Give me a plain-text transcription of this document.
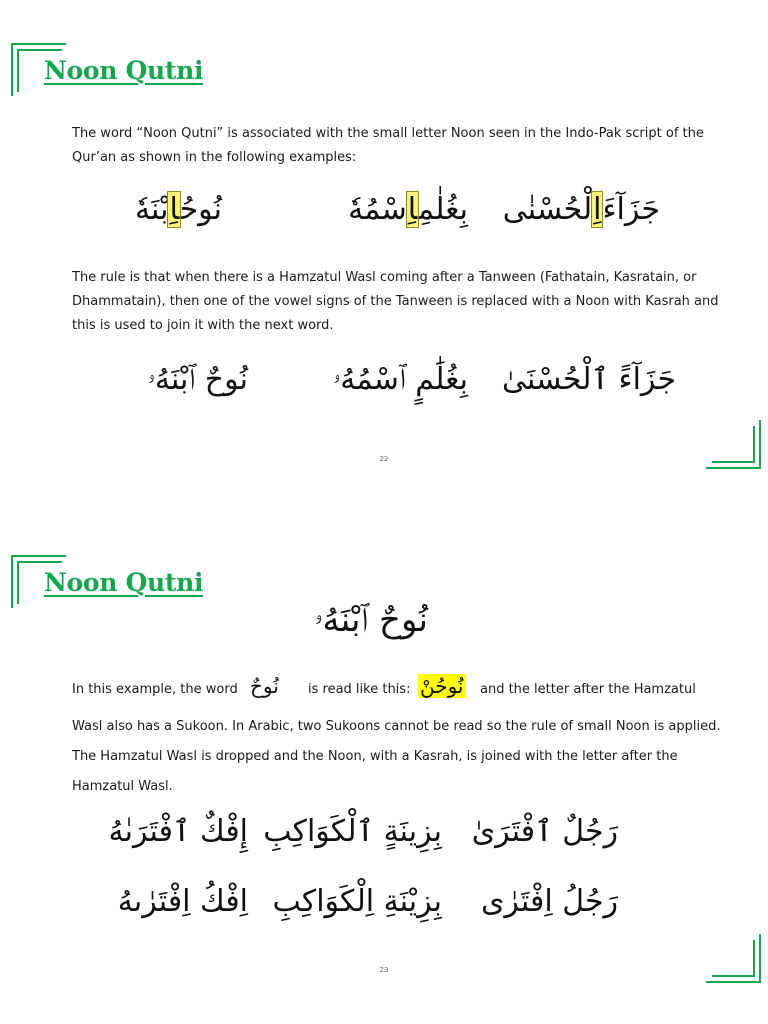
Noon Qutni

The word “Noon Qutni” is associated with the small letter Noon seen in the Indo-Pak script of the Qur’an as shown in the following examples:

جَزَآءَاِلْحُسْنٰى
بِغُلٰمِاِسْمُهٗ
نُوحُاِبْنَهٗ

The rule is that when there is a Hamzatul Wasl coming after a Tanween (Fathatain, Kasratain, or Dhammatain), then one of the vowel signs of the Tanween is replaced with a Noon with Kasrah and this is used to join it with the next word.

جَزَآءً ٱلْحُسْنَىٰ
بِغُلَٰمٍ ٱسْمُهُۥ
نُوحٌ ٱبْنَهُۥ
22
Noon Qutni
نُوحٌ ٱبْنَهُۥ
In this example, the word نُوحٌ is read like this: نُوحُنْ and the letter after the Hamzatul

Wasl also has a Sukoon. In Arabic, two Sukoons cannot be read so the rule of small Noon is applied. The Hamzatul Wasl is dropped and the Noon, with a Kasrah, is joined with the letter after the Hamzatul Wasl.

رَجُلٌ ٱفْتَرَىٰ
بِزِينَةٍ ٱلْكَوَاكِبِ
إِفْكٌ ٱفْتَرَىٰهُ
رَجُلُ اِفْتَرٰى
بِزِيْنَةِ اِلْكَوَاكِبِ
اِفْكُ اِفْتَرٰىهُ
23
